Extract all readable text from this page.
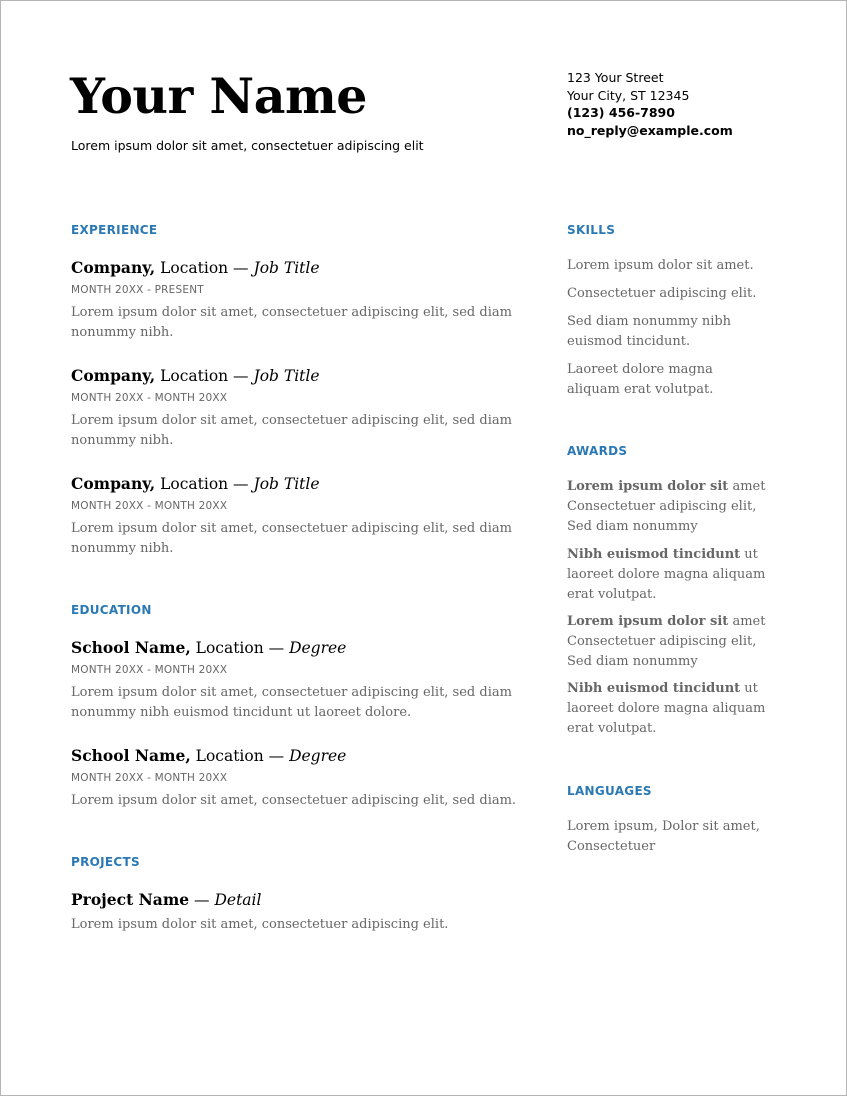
Your Name
Lorem ipsum dolor sit amet, consectetuer adipiscing elit
123 Your Street
Your City, ST 12345
(123) 456-7890
no_reply@example.com
EXPERIENCE
Company, Location — Job Title
MONTH 20XX - PRESENT
Lorem ipsum dolor sit amet, consectetuer adipiscing elit, sed diam
nonummy nibh.
Company, Location — Job Title
MONTH 20XX - MONTH 20XX
Lorem ipsum dolor sit amet, consectetuer adipiscing elit, sed diam
nonummy nibh.
Company, Location — Job Title
MONTH 20XX - MONTH 20XX
Lorem ipsum dolor sit amet, consectetuer adipiscing elit, sed diam
nonummy nibh.
EDUCATION
School Name, Location — Degree
MONTH 20XX - MONTH 20XX
Lorem ipsum dolor sit amet, consectetuer adipiscing elit, sed diam
nonummy nibh euismod tincidunt ut laoreet dolore.
School Name, Location — Degree
MONTH 20XX - MONTH 20XX
Lorem ipsum dolor sit amet, consectetuer adipiscing elit, sed diam.
PROJECTS
Project Name — Detail
Lorem ipsum dolor sit amet, consectetuer adipiscing elit.
SKILLS
Lorem ipsum dolor sit amet.
Consectetuer adipiscing elit.
Sed diam nonummy nibh
euismod tincidunt.
Laoreet dolore magna
aliquam erat volutpat.
AWARDS
Lorem ipsum dolor sit amet
Consectetuer adipiscing elit,
Sed diam nonummy
Nibh euismod tincidunt ut
laoreet dolore magna aliquam
erat volutpat.
Lorem ipsum dolor sit amet
Consectetuer adipiscing elit,
Sed diam nonummy
Nibh euismod tincidunt ut
laoreet dolore magna aliquam
erat volutpat.
LANGUAGES
Lorem ipsum, Dolor sit amet,
Consectetuer
